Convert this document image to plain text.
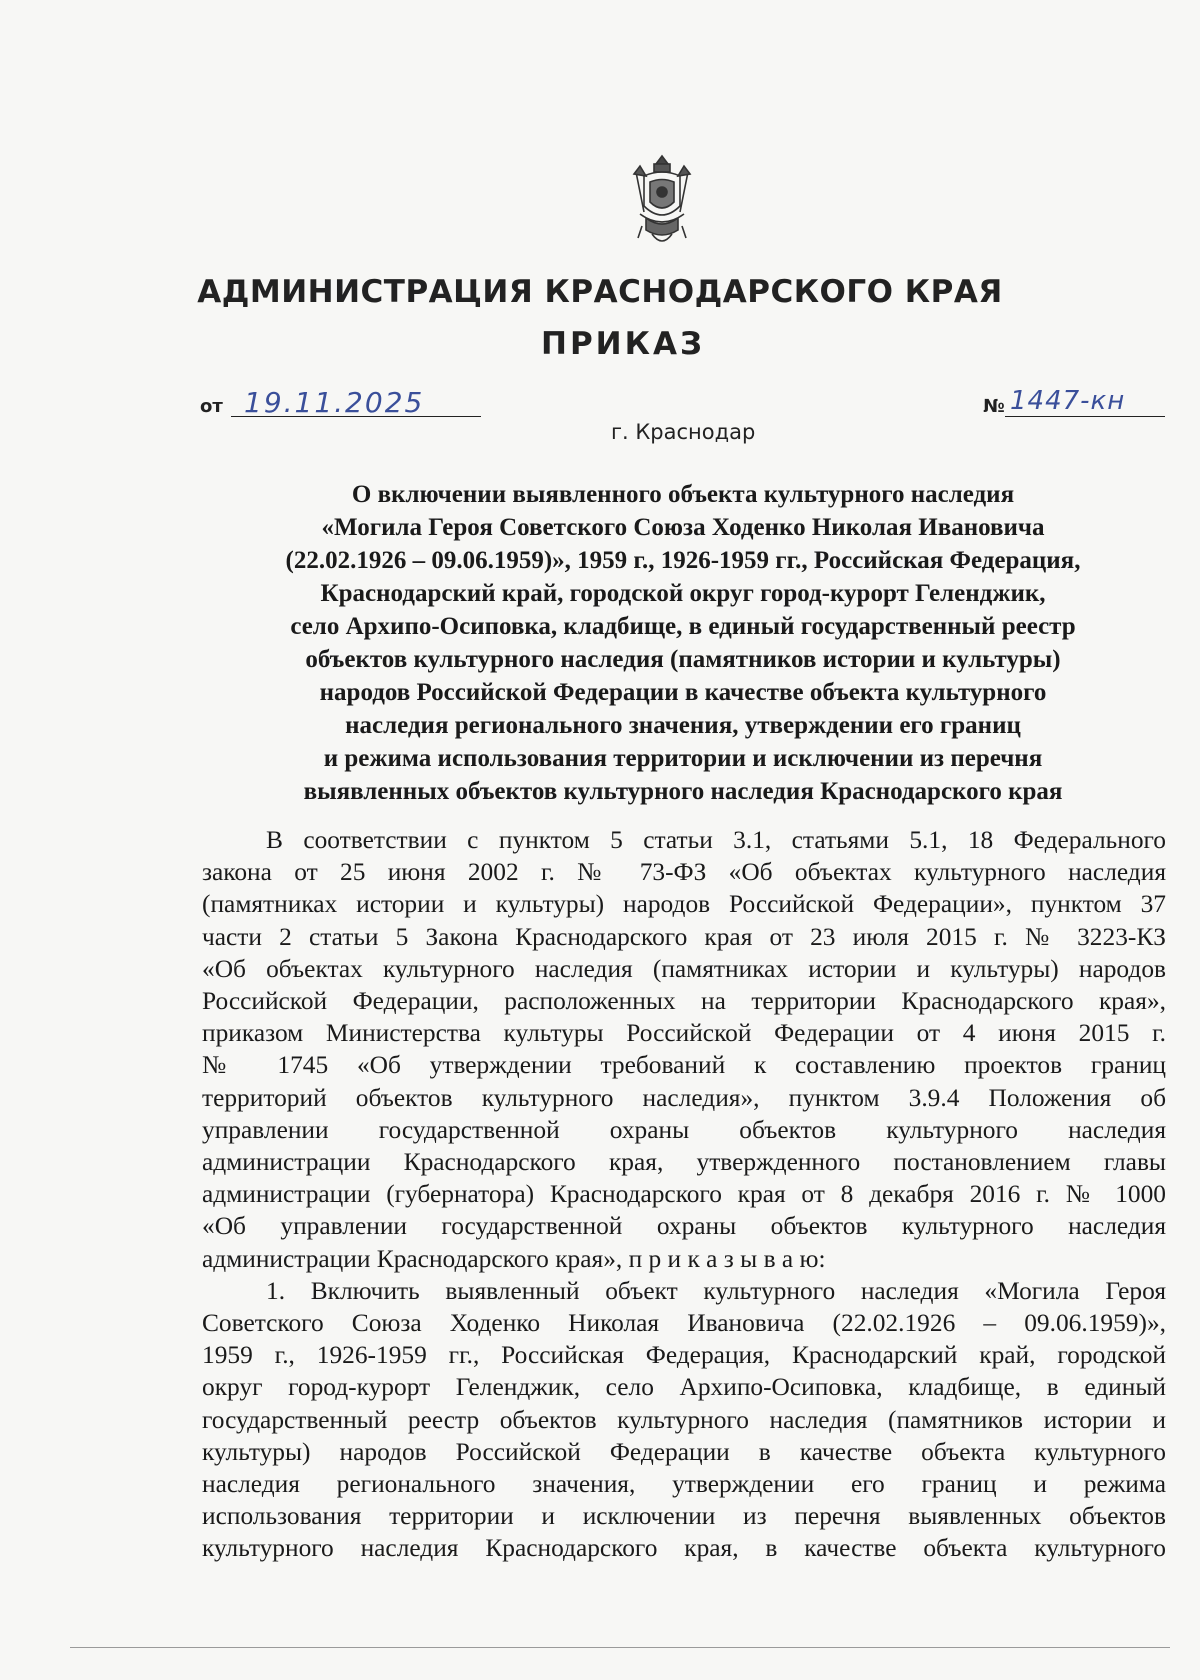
АДМИНИСТРАЦИЯ КРАСНОДАРСКОГО КРАЯ
ПРИКАЗ
от 19.11.2025	№ 1447-кн
г. Краснодар
О включении выявленного объекта культурного наследия
«Могила Героя Советского Союза Ходенко Николая Ивановича
(22.02.1926 – 09.06.1959)», 1959 г., 1926-1959 гг., Российская Федерация,
Краснодарский край, городской округ город-курорт Геленджик,
село Архипо-Осиповка, кладбище, в единый государственный реестр
объектов культурного наследия (памятников истории и культуры)
народов Российской Федерации в качестве объекта культурного
наследия регионального значения, утверждении его границ
и режима использования территории и исключении из перечня
выявленных объектов культурного наследия Краснодарского края
В соответствии с пунктом 5 статьи 3.1, статьями 5.1, 18 Федерального
закона от 25 июня 2002 г. № 73-ФЗ «Об объектах культурного наследия
(памятниках истории и культуры) народов Российской Федерации», пунктом 37
части 2 статьи 5 Закона Краснодарского края от 23 июля 2015 г. № 3223-КЗ
«Об объектах культурного наследия (памятниках истории и культуры) народов
Российской Федерации, расположенных на территории Краснодарского края»,
приказом Министерства культуры Российской Федерации от 4 июня 2015 г.
№ 1745 «Об утверждении требований к составлению проектов границ
территорий объектов культурного наследия», пунктом 3.9.4 Положения об
управлении государственной охраны объектов культурного наследия
администрации Краснодарского края, утвержденного постановлением главы
администрации (губернатора) Краснодарского края от 8 декабря 2016 г. № 1000
«Об управлении государственной охраны объектов культурного наследия
администрации Краснодарского края», п р и к а з ы в а ю:
1. Включить выявленный объект культурного наследия «Могила Героя
Советского Союза Ходенко Николая Ивановича (22.02.1926 – 09.06.1959)»,
1959 г., 1926-1959 гг., Российская Федерация, Краснодарский край, городской
округ город-курорт Геленджик, село Архипо-Осиповка, кладбище, в единый
государственный реестр объектов культурного наследия (памятников истории и
культуры) народов Российской Федерации в качестве объекта культурного
наследия регионального значения, утверждении его границ и режима
использования территории и исключении из перечня выявленных объектов
культурного наследия Краснодарского края, в качестве объекта культурного
